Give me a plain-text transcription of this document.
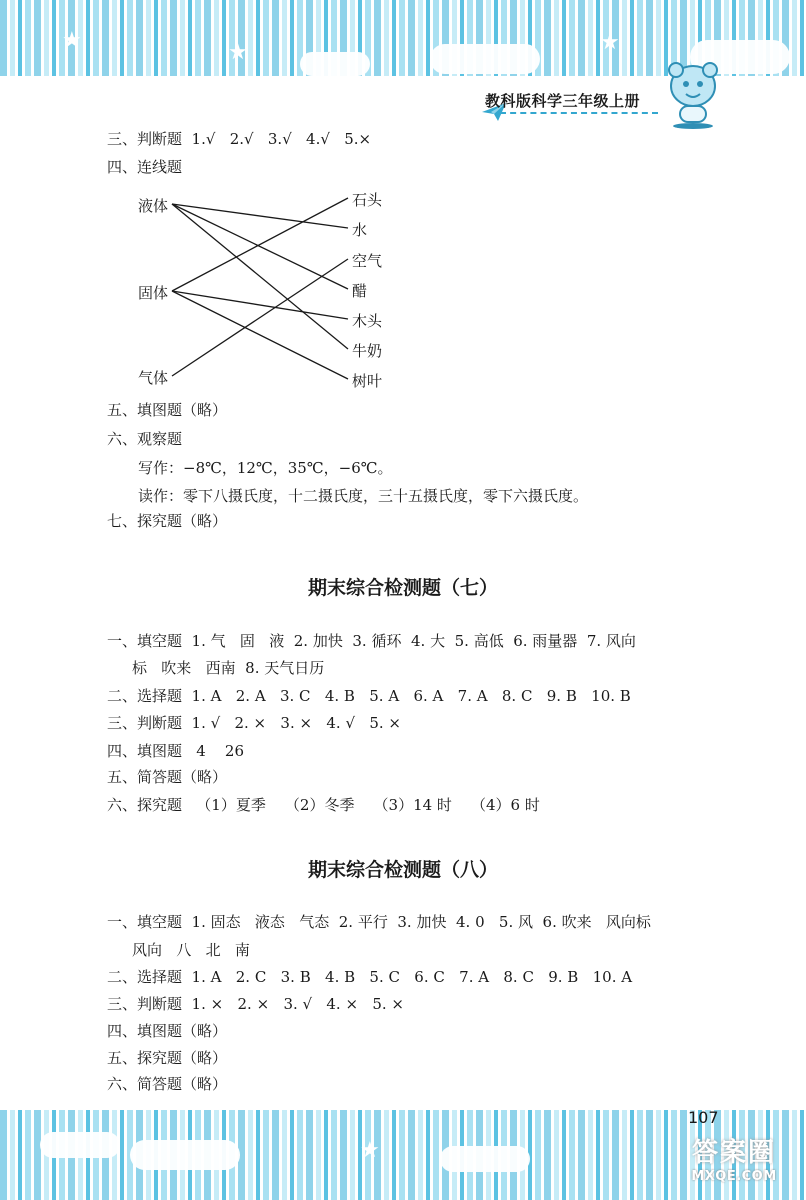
★	★	★
教科版科学三年级上册
三、判断题  1.√   2.√   3.√   4.√   5.×
四、连线题
液体
固体
气体
石头
水
空气
醋
木头
牛奶
树叶
五、填图题（略）
六、观察题
写作：−8℃，12℃，35℃，−6℃。
读作：零下八摄氏度，十二摄氏度，三十五摄氏度，零下六摄氏度。
七、探究题（略）
期末综合检测题（七）
一、填空题  1. 气   固   液  2. 加快  3. 循环  4. 大  5. 高低  6. 雨量器  7. 风向
标   吹来   西南  8. 天气日历
二、选择题  1. A   2. A   3. C   4. B   5. A   6. A   7. A   8. C   9. B   10. B
三、判断题  1. √   2. ×   3. ×   4. √   5. ×
四、填图题   4    26
五、简答题（略）
六、探究题   （1）夏季    （2）冬季    （3）14 时    （4）6 时
期末综合检测题（八）
一、填空题  1. 固态   液态   气态  2. 平行  3. 加快  4. 0   5. 风  6. 吹来   风向标
风向   八   北   南
二、选择题  1. A   2. C   3. B   4. B   5. C   6. C   7. A   8. C   9. B   10. A
三、判断题  1. ×   2. ×   3. √   4. ×   5. ×
四、填图题（略）
五、探究题（略）
六、简答题（略）
★
107
答案圈
MXQE.COM
